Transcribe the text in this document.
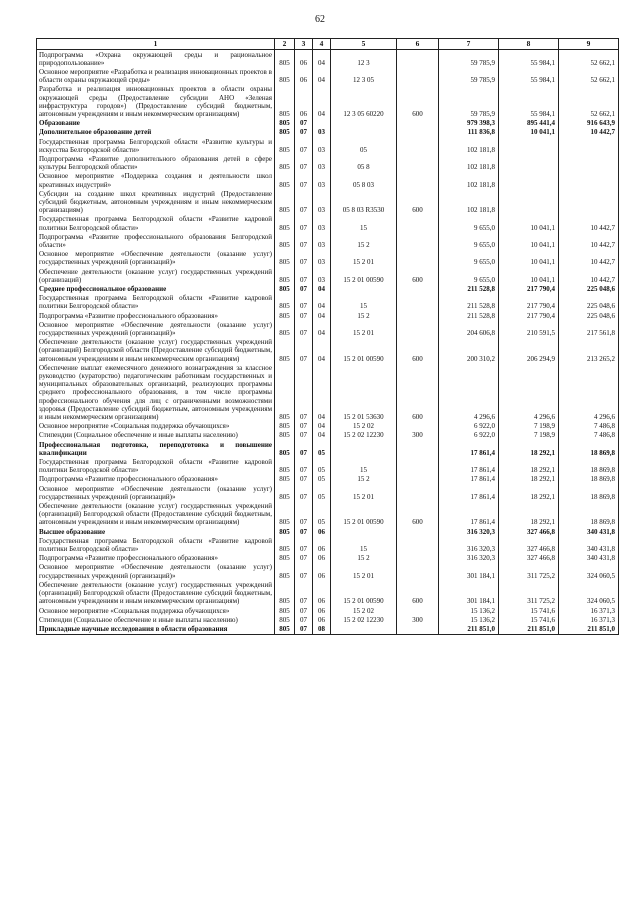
62
1	2	3	4	5	6	7	8	9
Подпрограмма «Охрана окружающей среды и рациональное природопользование»	805	06	04	12 3		59 785,9	55 984,1	52 662,1
Основное мероприятие «Разработка и реализация инновационных проектов в области охраны окружающей среды»	805	06	04	12 3 05		59 785,9	55 984,1	52 662,1
Разработка и реализация инновационных проектов в области охраны окружающей среды (Предоставление субсидии АНО «Зеленая инфраструктура городов») (Предоставление субсидий бюджетным, автономным учреждениям и иным некоммерческим организациям)	805	06	04	12 3 05 60220	600	59 785,9	55 984,1	52 662,1
Образование	805	07				979 398,3	895 441,4	916 643,9
Дополнительное образование детей	805	07	03			111 836,8	10 041,1	10 442,7
Государственная программа Белгородской области «Развитие культуры и искусства Белгородской области»	805	07	03	05		102 181,8		
Подпрограмма «Развитие дополнительного образования детей в сфере культуры Белгородской области»	805	07	03	05 8		102 181,8		
Основное мероприятие «Поддержка создания и деятельности школ креативных индустрий»	805	07	03	05 8 03		102 181,8		
Субсидии на создание школ креативных индустрий (Предоставление субсидий бюджетным, автономным учреждениям и иным некоммерческим организациям)	805	07	03	05 8 03 R3530	600	102 181,8		
Государственная программа Белгородской области «Развитие кадровой политики Белгородской области»	805	07	03	15		9 655,0	10 041,1	10 442,7
Подпрограмма «Развитие профессионального образования Белгородской области»	805	07	03	15 2		9 655,0	10 041,1	10 442,7
Основное мероприятие «Обеспечение деятельности (оказание услуг) государственных учреждений (организаций)»	805	07	03	15 2 01		9 655,0	10 041,1	10 442,7
Обеспечение деятельности (оказание услуг) государственных учреждений (организаций)	805	07	03	15 2 01 00590	600	9 655,0	10 041,1	10 442,7
Среднее профессиональное образование	805	07	04			211 528,8	217 790,4	225 048,6
Государственная программа Белгородской области «Развитие кадровой политики Белгородской области»	805	07	04	15		211 528,8	217 790,4	225 048,6
Подпрограмма «Развитие профессионального образования»	805	07	04	15 2		211 528,8	217 790,4	225 048,6
Основное мероприятие «Обеспечение деятельности (оказание услуг) государственных учреждений (организаций)»	805	07	04	15 2 01		204 606,8	210 591,5	217 561,8
Обеспечение деятельности (оказание услуг) государственных учреждений (организаций) Белгородской области (Предоставление субсидий бюджетным, автономным учреждениям и иным некоммерческим организациям)	805	07	04	15 2 01 00590	600	200 310,2	206 294,9	213 265,2
Обеспечение выплат ежемесячного денежного вознаграждения за классное руководство (кураторство) педагогическим работникам государственных и муниципальных образовательных организаций, реализующих программы среднего профессионального образования, в том числе программы профессионального обучения для лиц с ограниченными возможностями здоровья (Предоставление субсидий бюджетным, автономным учреждениям и иным некоммерческим организациям)	805	07	04	15 2 01 53630	600	4 296,6	4 296,6	4 296,6
Основное мероприятие «Социальная поддержка обучающихся»	805	07	04	15 2 02		6 922,0	7 198,9	7 486,8
Стипендии (Социальное обеспечение и иные выплаты населению)	805	07	04	15 2 02 12230	300	6 922,0	7 198,9	7 486,8
Профессиональная подготовка, переподготовка и повышение квалификации	805	07	05			17 861,4	18 292,1	18 869,8
Государственная программа Белгородской области «Развитие кадровой политики Белгородской области»	805	07	05	15		17 861,4	18 292,1	18 869,8
Подпрограмма «Развитие профессионального образования»	805	07	05	15 2		17 861,4	18 292,1	18 869,8
Основное мероприятие «Обеспечение деятельности (оказание услуг) государственных учреждений (организаций)»	805	07	05	15 2 01		17 861,4	18 292,1	18 869,8
Обеспечение деятельности (оказание услуг) государственных учреждений (организаций) Белгородской области (Предоставление субсидий бюджетным, автономным учреждениям и иным некоммерческим организациям)	805	07	05	15 2 01 00590	600	17 861,4	18 292,1	18 869,8
Высшее образование	805	07	06			316 320,3	327 466,8	340 431,8
Государственная программа Белгородской области «Развитие кадровой политики Белгородской области»	805	07	06	15		316 320,3	327 466,8	340 431,8
Подпрограмма «Развитие профессионального образования»	805	07	06	15 2		316 320,3	327 466,8	340 431,8
Основное мероприятие «Обеспечение деятельности (оказание услуг) государственных учреждений (организаций)»	805	07	06	15 2 01		301 184,1	311 725,2	324 060,5
Обеспечение деятельности (оказание услуг) государственных учреждений (организаций) Белгородской области (Предоставление субсидий бюджетным, автономным учреждениям и иным некоммерческим организациям)	805	07	06	15 2 01 00590	600	301 184,1	311 725,2	324 060,5
Основное мероприятие «Социальная поддержка обучающихся»	805	07	06	15 2 02		15 136,2	15 741,6	16 371,3
Стипендии (Социальное обеспечение и иные выплаты населению)	805	07	06	15 2 02 12230	300	15 136,2	15 741,6	16 371,3
Прикладные научные исследования в области образования	805	07	08			211 851,0	211 851,0	211 851,0
